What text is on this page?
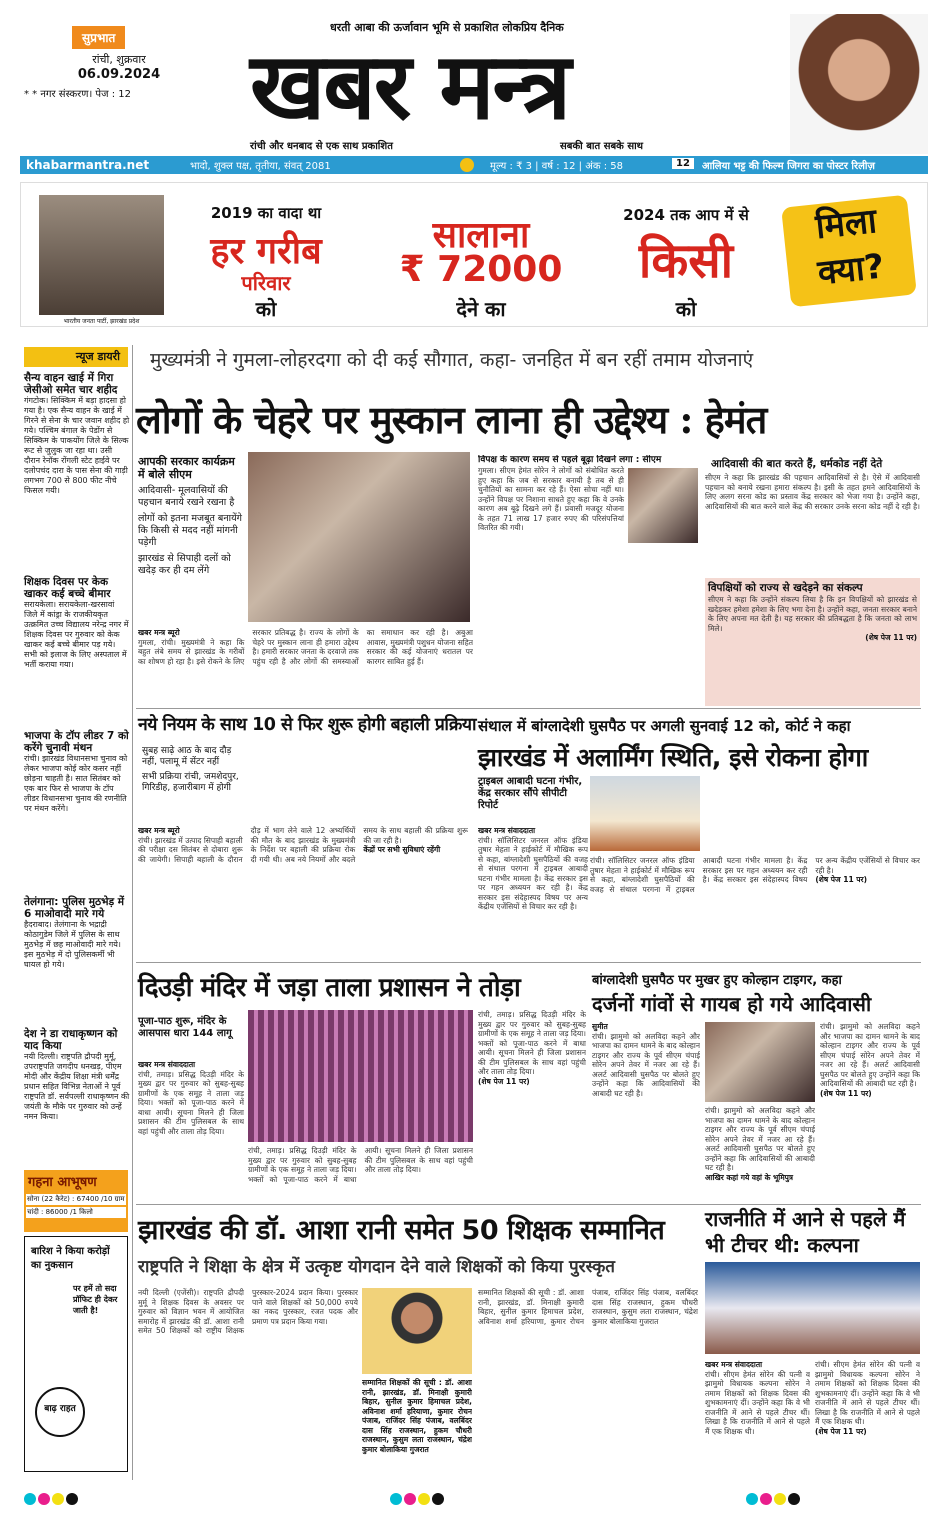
सुप्रभात
रांची, शुक्रवार
06.09.2024
* * नगर संस्करण। पेज : 12
धरती आबा की ऊर्जावान भूमि से प्रकाशित लोकप्रिय दैनिक
खबर मन्त्र
रांची और धनबाद से एक साथ प्रकाशित	सबकी बात सबके साथ
khabarmantra.net	भादो, शुक्ल पक्ष, तृतीया, संवत् 2081	मूल्य : ₹ 3 | वर्ष : 12 | अंक : 58	12	आलिया भट्ट की फिल्म जिगरा का पोस्टर रिलीज़
भारतीय जनता पार्टी, झारखंड प्रदेश
2019 का वादा था
हर गरीब
परिवार
को
सालाना
₹ 72000
देने का
2024 तक आप में से
किसी
को
मिला क्या?
न्यूज डायरी
सैन्य वाहन खाई में गिरा जेसीओ समेत चार शहीद
गंगटोक। सिक्किम में बड़ा हादसा हो गया है। एक सैन्य वाहन के खाई में गिरने से सेना के चार जवान शहीद हो गये। पश्चिम बंगाल के पेडोंग से सिक्किम के पाकयोंग जिले के सिल्क रूट से जुलुक जा रहा था। उसी दौरान रेनॉक रोंगली स्टेट हाईवे पर दलोपचंद दारा के पास सेना की गाड़ी लगभग 700 से 800 फीट नीचे फिसल गयी।
शिक्षक दिवस पर केक खाकर कई बच्चे बीमार
सरायकेला। सरायकेला-खरसावां जिले में कांड्रा के राजकीयकृत उत्क्रमित उच्च विद्यालय नरेन्द्र नगर में शिक्षक दिवस पर गुरुवार को केक खाकर कई बच्चे बीमार पड़ गये। सभी को इलाज के लिए अस्पताल में भर्ती कराया गया।
भाजपा के टॉप लीडर 7 को करेंगे चुनावी मंथन
रांची। झारखंड विधानसभा चुनाव को लेकर भाजपा कोई कोर कसर नहीं छोड़ना चाहती है। सात सितंबर को एक बार फिर से भाजपा के टॉप लीडर विधानसभा चुनाव की रणनीति पर मंथन करेंगे।
तेलंगाना: पुलिस मुठभेड़ में 6 माओवादी मारे गये
हैदराबाद। तेलंगाना के भद्राद्री कोठागुडेम जिले में पुलिस के साथ मुठभेड़ में छह माओवादी मारे गये। इस मुठभेड़ में दो पुलिसकर्मी भी घायल हो गये।
देश ने डा राधाकृष्णन को याद किया
नयी दिल्ली। राष्ट्रपति द्रौपदी मुर्मू, उपराष्ट्रपति जगदीप धनखड़, पीएम मोदी और केंद्रीय शिक्षा मंत्री धर्मेंद्र प्रधान सहित विभिन्न नेताओं ने पूर्व राष्ट्रपति डॉ. सर्वपल्ली राधाकृष्णन की जयंती के मौके पर गुरुवार को उन्हें नमन किया।
गहना आभूषण
सोना (22 कैरेट) : 67400 /10 ग्राम
चांदी : 86000 /1 किलो
बारिश ने किया करोड़ों का नुकसान
पर हमें तो सदा प्रॉफिट ही देकर जाती है!
बाढ़ राहत
मुख्यमंत्री ने गुमला-लोहरदगा को दी कई सौगात, कहा- जनहित में बन रहीं तमाम योजनाएं
लोगों के चेहरे पर मुस्कान लाना ही उद्देश्य : हेमंत
आपकी सरकार कार्यक्रम में बोले सीएम
आदिवासी- मूलवासियों की पहचान बनाये रखने रखना है
लोगों को इतना मजबूत बनायेंगे कि किसी से मदद नहीं मांगनी पड़ेगी
झारखंड से सिपाही दलों को खदेड़ कर ही दम लेंगे
खबर मन्त्र ब्यूरो
गुमला, रांची। मुख्यमंत्री ने कहा कि बहुत लंबे समय से झारखंड के गरीबों का शोषण हो रहा है। इसे रोकने के लिए सरकार प्रतिबद्ध है। राज्य के लोगों के चेहरे पर मुस्कान लाना ही हमारा उद्देश्य है। हमारी सरकार जनता के दरवाजे तक पहुंच रही है और लोगों की समस्याओं का समाधान कर रही है। अबुआ आवास, मुख्यमंत्री पशुधन योजना सहित सरकार की कई योजनाएं धरातल पर कारगर साबित हुई हैं।
विपक्ष के कारण समय से पहले बूढ़ा दिखने लगा : सीएम
गुमला। सीएम हेमंत सोरेन ने लोगों को संबोधित करते हुए कहा कि जब से सरकार बनायी है तब से ही चुनौतियों का सामना कर रहे हैं। ऐसा सोचा नहीं था। उन्होंने विपक्ष पर निशाना साधते हुए कहा कि वे उनके कारण अब बूढ़े दिखने लगे हैं। प्रवासी मजदूर योजना के तहत 71 लाख 17 हजार रुपए की परिसंपत्तियां वितरित की गयी।
आदिवासी की बात करते हैं, धर्मकोड नहीं देते
सीएम ने कहा कि झारखंड की पहचान आदिवासियों से है। ऐसे में आदिवासी पहचान को बनाये रखना हमारा संकल्प है। इसी के तहत हमने आदिवासियों के लिए अलग सरना कोड का प्रस्ताव केंद्र सरकार को भेजा गया है। उन्होंने कहा, आदिवासियों की बात करने वाले केंद्र की सरकार उनके सरना कोड नहीं दे रही है।
विपक्षियों को राज्य से खदेड़ने का संकल्प
सीएम ने कहा कि उन्होंने संकल्प लिया है कि इन विपक्षियों को झारखंड से खदेड़कर हमेशा हमेशा के लिए भगा देना है। उन्होंने कहा, जनता सरकार बनाने के लिए अपना मत देती है। यह सरकार की प्रतिबद्धता है कि जनता को लाभ मिले।
(शेष पेज 11 पर)
नये नियम के साथ 10 से फिर शुरू होगी बहाली प्रक्रिया
सुबह साढ़े आठ के बाद दौड़ नहीं, पलामू में सेंटर नहीं
सभी प्रक्रिया रांची, जमशेदपुर, गिरिडीह, हजारीबाग में होगी
खबर मन्त्र ब्यूरो
रांची। झारखंड में उत्पाद सिपाही बहाली की परीक्षा दस सितंबर से दोबारा शुरू की जायेगी। सिपाही बहाली के दौरान दौड़ में भाग लेने वाले 12 अभ्यर्थियों की मौत के बाद झारखंड के मुख्यमंत्री के निर्देश पर बहाली की प्रक्रिया रोक दी गयी थी। अब नये नियमों और बदले समय के साथ बहाली की प्रक्रिया शुरू की जा रही है।
केंद्रों पर सभी सुविधाएं रहेंगी
संथाल में बांग्लादेशी घुसपैठ पर अगली सुनवाई 12 को, कोर्ट ने कहा
झारखंड में अलार्मिंग स्थिति, इसे रोकना होगा
ट्राइबल आबादी घटना गंभीर, केंद्र सरकार सौंपे सीपीटी रिपोर्ट
खबर मन्त्र संवाददाता
रांची। सॉलिसिटर जनरल ऑफ इंडिया तुषार मेहता ने हाईकोर्ट में मौखिक रूप से कहा, बांग्लादेशी घुसपैठियों की वजह से संथाल परगना में ट्राइबल आबादी घटना गंभीर मामला है। केंद्र सरकार इस पर गहन अध्ययन कर रही है। केंद्र सरकार इस संदेहास्पद विषय पर अन्य केंद्रीय एजेंसियों से विचार कर रही है।
रांची। सॉलिसिटर जनरल ऑफ इंडिया तुषार मेहता ने हाईकोर्ट में मौखिक रूप से कहा, बांग्लादेशी घुसपैठियों की वजह से संथाल परगना में ट्राइबल आबादी घटना गंभीर मामला है। केंद्र सरकार इस पर गहन अध्ययन कर रही है। केंद्र सरकार इस संदेहास्पद विषय पर अन्य केंद्रीय एजेंसियों से विचार कर रही है।
(शेष पेज 11 पर)
दिउड़ी मंदिर में जड़ा ताला प्रशासन ने तोड़ा
पूजा-पाठ शुरू, मंदिर के आसपास धारा 144 लागू
खबर मन्त्र संवाददाता
रांची, तमाड़। प्रसिद्ध दिउड़ी मंदिर के मुख्य द्वार पर गुरुवार को सुबह-सुबह ग्रामीणों के एक समूह ने ताला जड़ दिया। भक्तों को पूजा-पाठ करने में बाधा आयी। सूचना मिलने ही जिला प्रशासन की टीम पुलिसबल के साथ वहां पहुंची और ताला तोड़ दिया।
रांची, तमाड़। प्रसिद्ध दिउड़ी मंदिर के मुख्य द्वार पर गुरुवार को सुबह-सुबह ग्रामीणों के एक समूह ने ताला जड़ दिया। भक्तों को पूजा-पाठ करने में बाधा आयी। सूचना मिलने ही जिला प्रशासन की टीम पुलिसबल के साथ वहां पहुंची और ताला तोड़ दिया।
रांची, तमाड़। प्रसिद्ध दिउड़ी मंदिर के मुख्य द्वार पर गुरुवार को सुबह-सुबह ग्रामीणों के एक समूह ने ताला जड़ दिया। भक्तों को पूजा-पाठ करने में बाधा आयी। सूचना मिलने ही जिला प्रशासन की टीम पुलिसबल के साथ वहां पहुंची और ताला तोड़ दिया।
(शेष पेज 11 पर)
बांग्लादेशी घुसपैठ पर मुखर हुए कोल्हान टाइगर, कहा
दर्जनों गांवों से गायब हो गये आदिवासी
सुमीत
रांची। झामुमो को अलविदा कहने और भाजपा का दामन थामने के बाद कोल्हान टाइगर और राज्य के पूर्व सीएम चंपाई सोरेन अपने तेवर में नजर आ रहे हैं। अलर्ट आदिवासी घुसपैठ पर बोलते हुए उन्होंने कहा कि आदिवासियों की आबादी घट रही है।
रांची। झामुमो को अलविदा कहने और भाजपा का दामन थामने के बाद कोल्हान टाइगर और राज्य के पूर्व सीएम चंपाई सोरेन अपने तेवर में नजर आ रहे हैं। अलर्ट आदिवासी घुसपैठ पर बोलते हुए उन्होंने कहा कि आदिवासियों की आबादी घट रही है।
आखिर कहां गये वहां के भूमिपुत्र
रांची। झामुमो को अलविदा कहने और भाजपा का दामन थामने के बाद कोल्हान टाइगर और राज्य के पूर्व सीएम चंपाई सोरेन अपने तेवर में नजर आ रहे हैं। अलर्ट आदिवासी घुसपैठ पर बोलते हुए उन्होंने कहा कि आदिवासियों की आबादी घट रही है।
(शेष पेज 11 पर)
झारखंड की डॉ. आशा रानी समेत 50 शिक्षक सम्मानित
राष्ट्रपति ने शिक्षा के क्षेत्र में उत्कृष्ट योगदान देने वाले शिक्षकों को किया पुरस्कृत
नयी दिल्ली (एजेंसी)। राष्ट्रपति द्रौपदी मुर्मू ने शिक्षक दिवस के अवसर पर गुरुवार को विज्ञान भवन में आयोजित समारोह में झारखंड की डॉ. आशा रानी समेत 50 शिक्षकों को राष्ट्रीय शिक्षक पुरस्कार-2024 प्रदान किया। पुरस्कार पाने वाले शिक्षकों को 50,000 रुपये का नकद पुरस्कार, रजत पदक और प्रमाण पत्र प्रदान किया गया।
सम्मानित शिक्षकों की सूची : डॉ. आशा रानी, झारखंड, डॉ. मिनाक्षी कुमारी बिहार, सुनील कुमार हिमाचल प्रदेश, अविनाश शर्मा हरियाणा, कुमार रोचन पंजाब, राजिंदर सिंह पंजाब, वलबिंदर दास सिंह राजस्थान, हुकम चौधरी राजस्थान, कुसुम लता राजस्थान, चंद्रेश कुमार बोलाकिया गुजरात
सम्मानित शिक्षकों की सूची : डॉ. आशा रानी, झारखंड, डॉ. मिनाक्षी कुमारी बिहार, सुनील कुमार हिमाचल प्रदेश, अविनाश शर्मा हरियाणा, कुमार रोचन पंजाब, राजिंदर सिंह पंजाब, वलबिंदर दास सिंह राजस्थान, हुकम चौधरी राजस्थान, कुसुम लता राजस्थान, चंद्रेश कुमार बोलाकिया गुजरात
राजनीति में आने से पहले मैं भी टीचर थी: कल्पना
खबर मन्त्र संवाददाता
रांची। सीएम हेमंत सोरेन की पत्नी व झामुमो विधायक कल्पना सोरेन ने तमाम शिक्षकों को शिक्षक दिवस की शुभकामनाएं दीं। उन्होंने कहा कि वे भी राजनीति में आने से पहले टीचर थीं। लिखा है कि राजनीति में आने से पहले मैं एक शिक्षक थी।
रांची। सीएम हेमंत सोरेन की पत्नी व झामुमो विधायक कल्पना सोरेन ने तमाम शिक्षकों को शिक्षक दिवस की शुभकामनाएं दीं। उन्होंने कहा कि वे भी राजनीति में आने से पहले टीचर थीं। लिखा है कि राजनीति में आने से पहले मैं एक शिक्षक थी।
(शेष पेज 11 पर)
